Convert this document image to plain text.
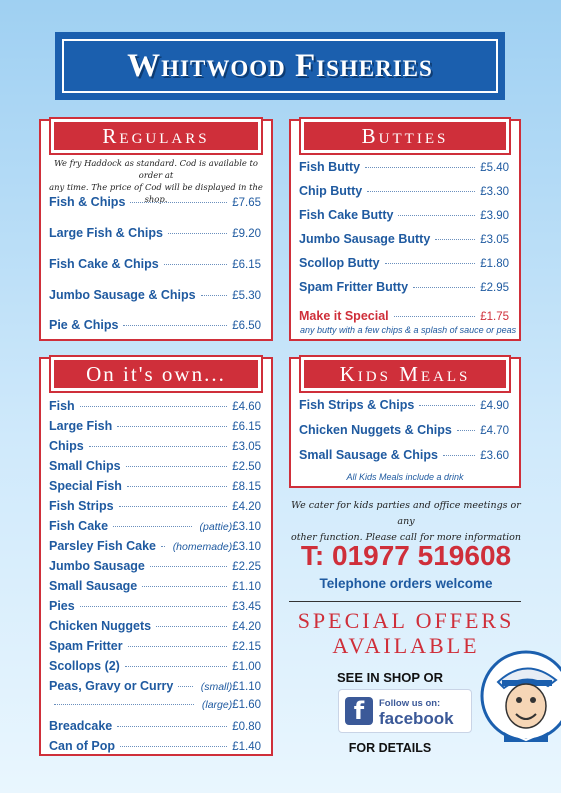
Whitwood Fisheries
Regulars
We fry Haddock as standard. Cod is available to order at
any time. The price of Cod will be displayed in the shop.
Fish & Chips	£7.65
Large Fish & Chips	£9.20
Fish Cake & Chips	£6.15
Jumbo Sausage & Chips	£5.30
Pie & Chips	£6.50
Butties
Fish Butty	£5.40
Chip Butty	£3.30
Fish Cake Butty	£3.90
Jumbo Sausage Butty	£3.05
Scollop Butty	£1.80
Spam Fritter Butty	£2.95
Make it Special	£1.75
any butty with a few chips & a splash of sauce or peas
On it's own...
Fish	£4.60
Large Fish	£6.15
Chips	£3.05
Small Chips	£2.50
Special Fish	£8.15
Fish Strips	£4.20
Fish Cake	(pattie) £3.10
Parsley Fish Cake (homemade) £3.10
Jumbo Sausage	£2.25
Small Sausage	£1.10
Pies	£3.45
Chicken Nuggets	£4.20
Spam Fritter	£2.15
Scollops (2)	£1.00
Peas, Gravy or Curry	(small) £1.10
(large) £1.60
Breadcake	£0.80
Can of Pop	£1.40
Kids Meals
Fish Strips & Chips	£4.90
Chicken Nuggets & Chips £4.70
Small Sausage & Chips	£3.60
All Kids Meals include a drink
We cater for kids parties and office meetings or any
other function. Please call for more information
T: 01977 519608
Telephone orders welcome
SPECIAL OFFERS
AVAILABLE
SEE IN SHOP OR
f	Follow us on:
facebook
FOR DETAILS
